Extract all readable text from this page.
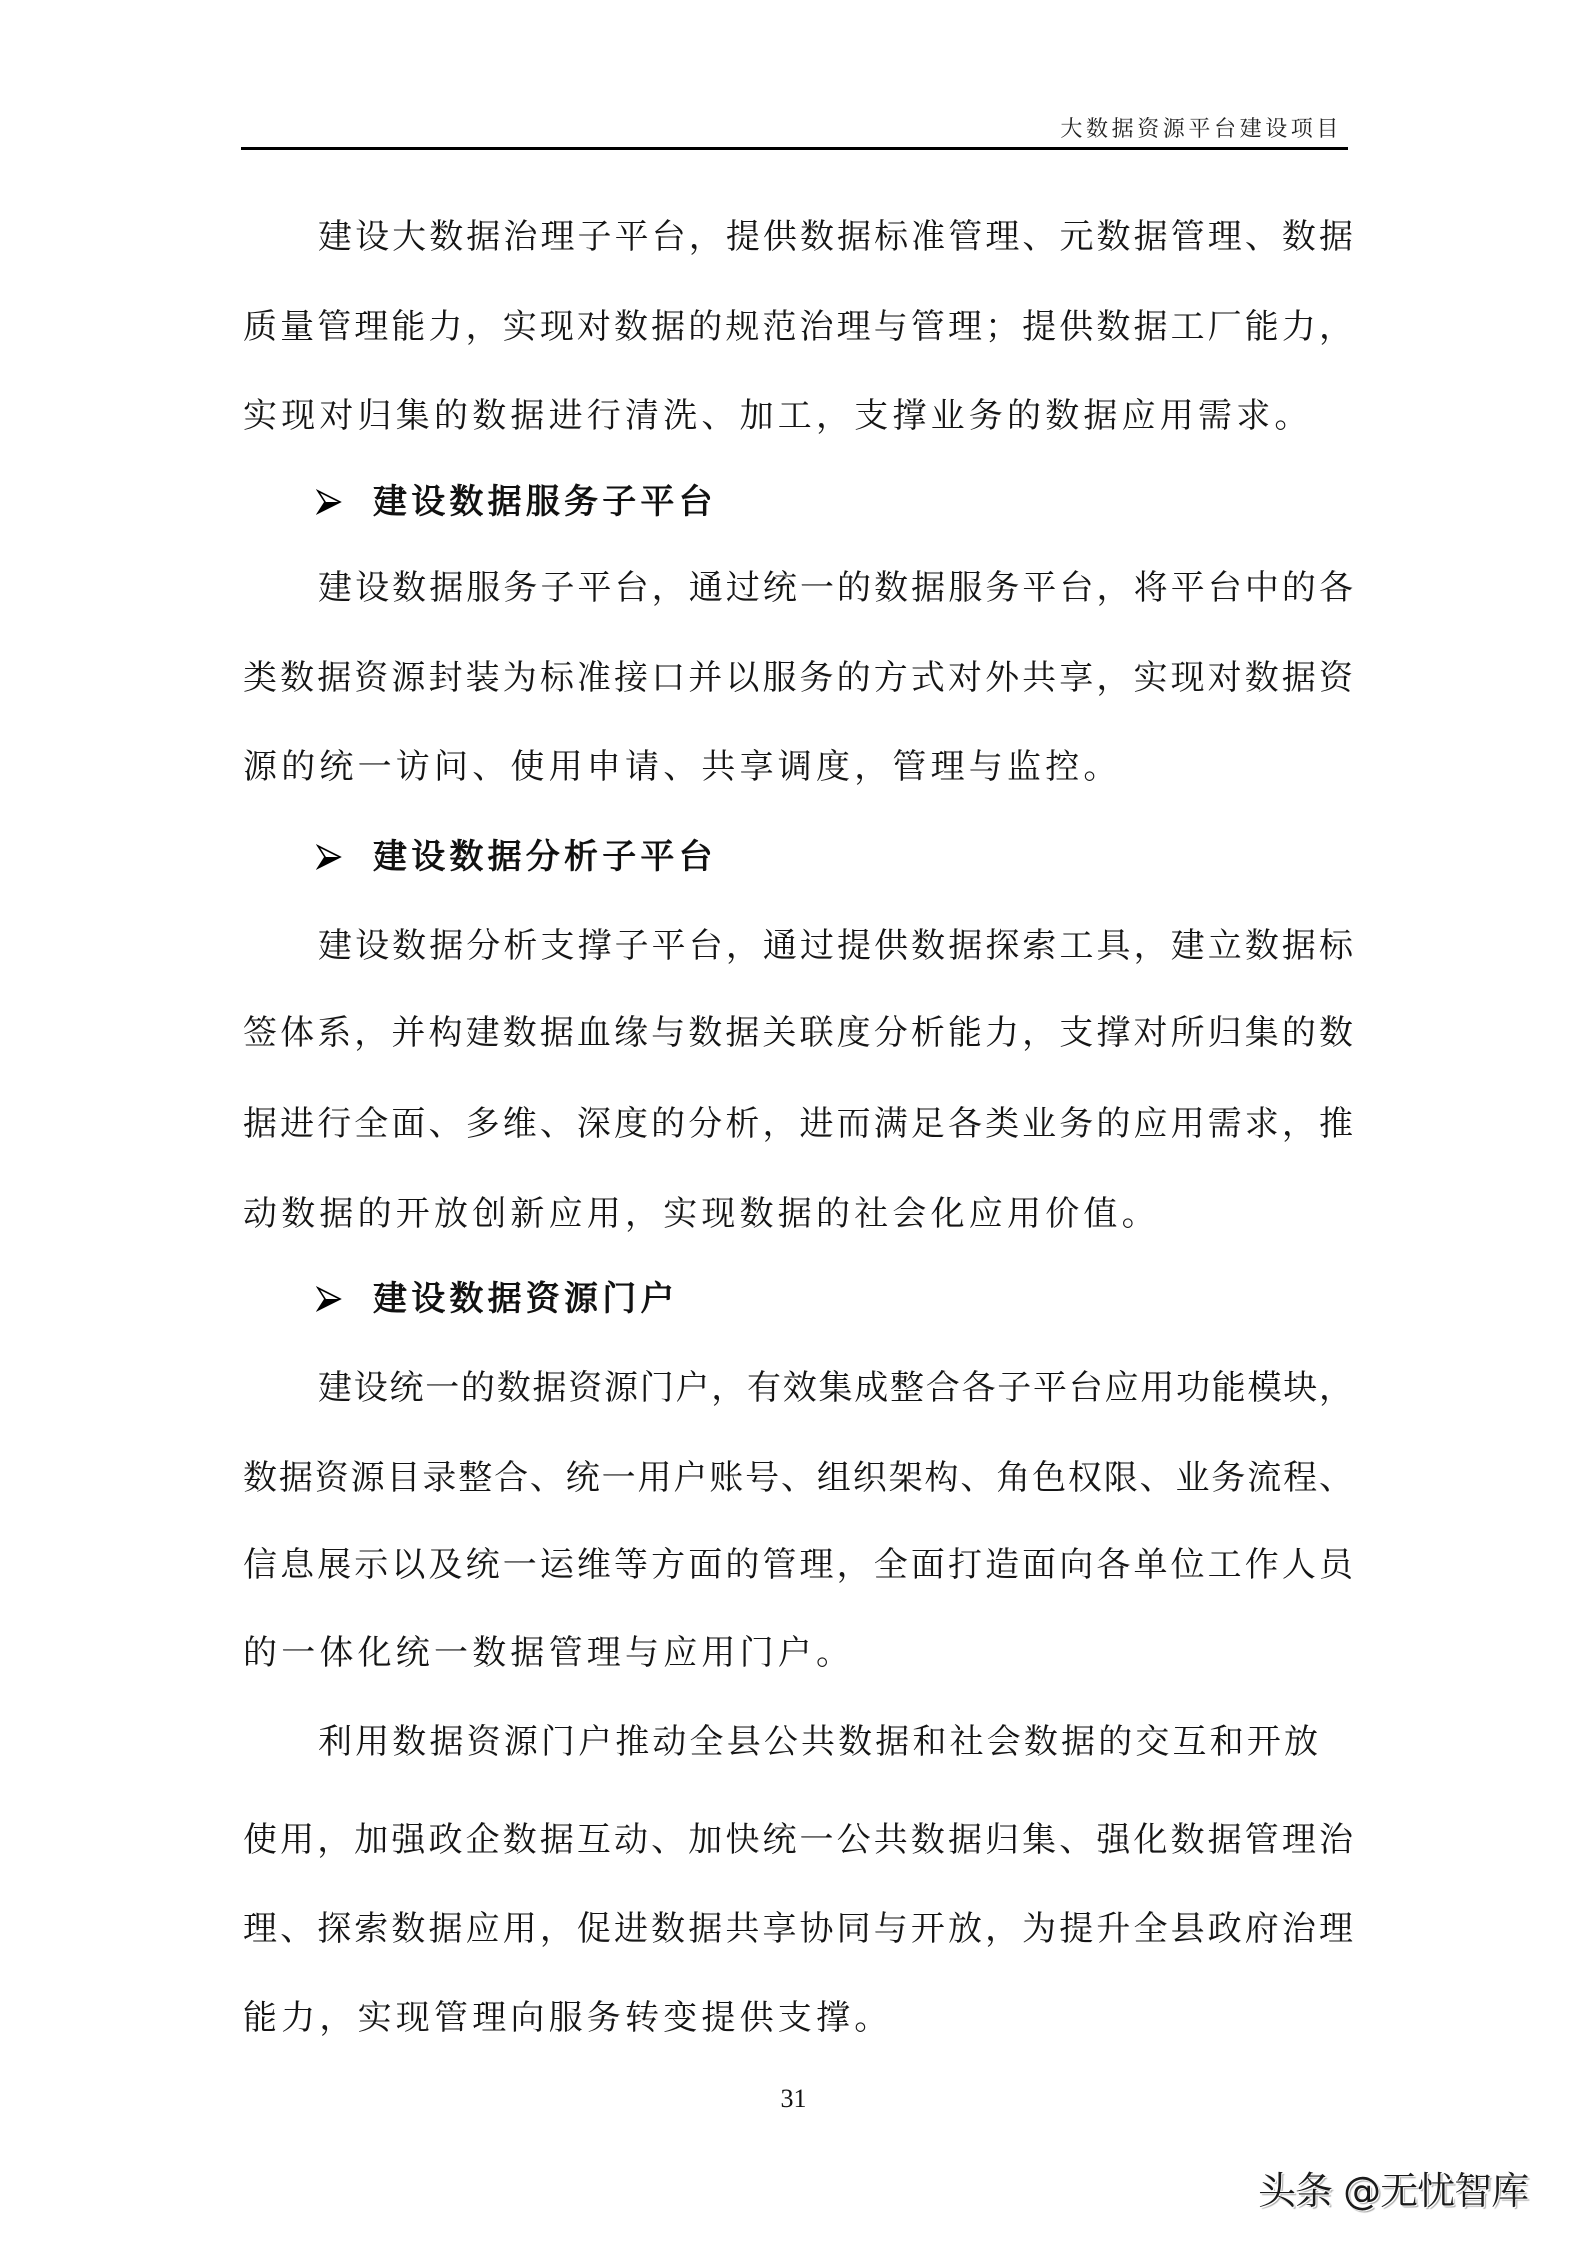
大数据资源平台建设项目
建设大数据治理子平台，提供数据标准管理、元数据管理、数据
质量管理能力，实现对数据的规范治理与管理；提供数据工厂能力，
实现对归集的数据进行清洗、加工，支撑业务的数据应用需求。
建设数据服务子平台
建设数据服务子平台，通过统一的数据服务平台，将平台中的各
类数据资源封装为标准接口并以服务的方式对外共享，实现对数据资
源的统一访问、使用申请、共享调度，管理与监控。
建设数据分析子平台
建设数据分析支撑子平台，通过提供数据探索工具，建立数据标
签体系，并构建数据血缘与数据关联度分析能力，支撑对所归集的数
据进行全面、多维、深度的分析，进而满足各类业务的应用需求，推
动数据的开放创新应用，实现数据的社会化应用价值。
建设数据资源门户
建设统一的数据资源门户，有效集成整合各子平台应用功能模块，
数据资源目录整合、统一用户账号、组织架构、角色权限、业务流程、
信息展示以及统一运维等方面的管理，全面打造面向各单位工作人员
的一体化统一数据管理与应用门户。
利用数据资源门户推动全县公共数据和社会数据的交互和开放
使用，加强政企数据互动、加快统一公共数据归集、强化数据管理治
理、探索数据应用，促进数据共享协同与开放，为提升全县政府治理
能力，实现管理向服务转变提供支撑。
31
头条 @无忧智库
